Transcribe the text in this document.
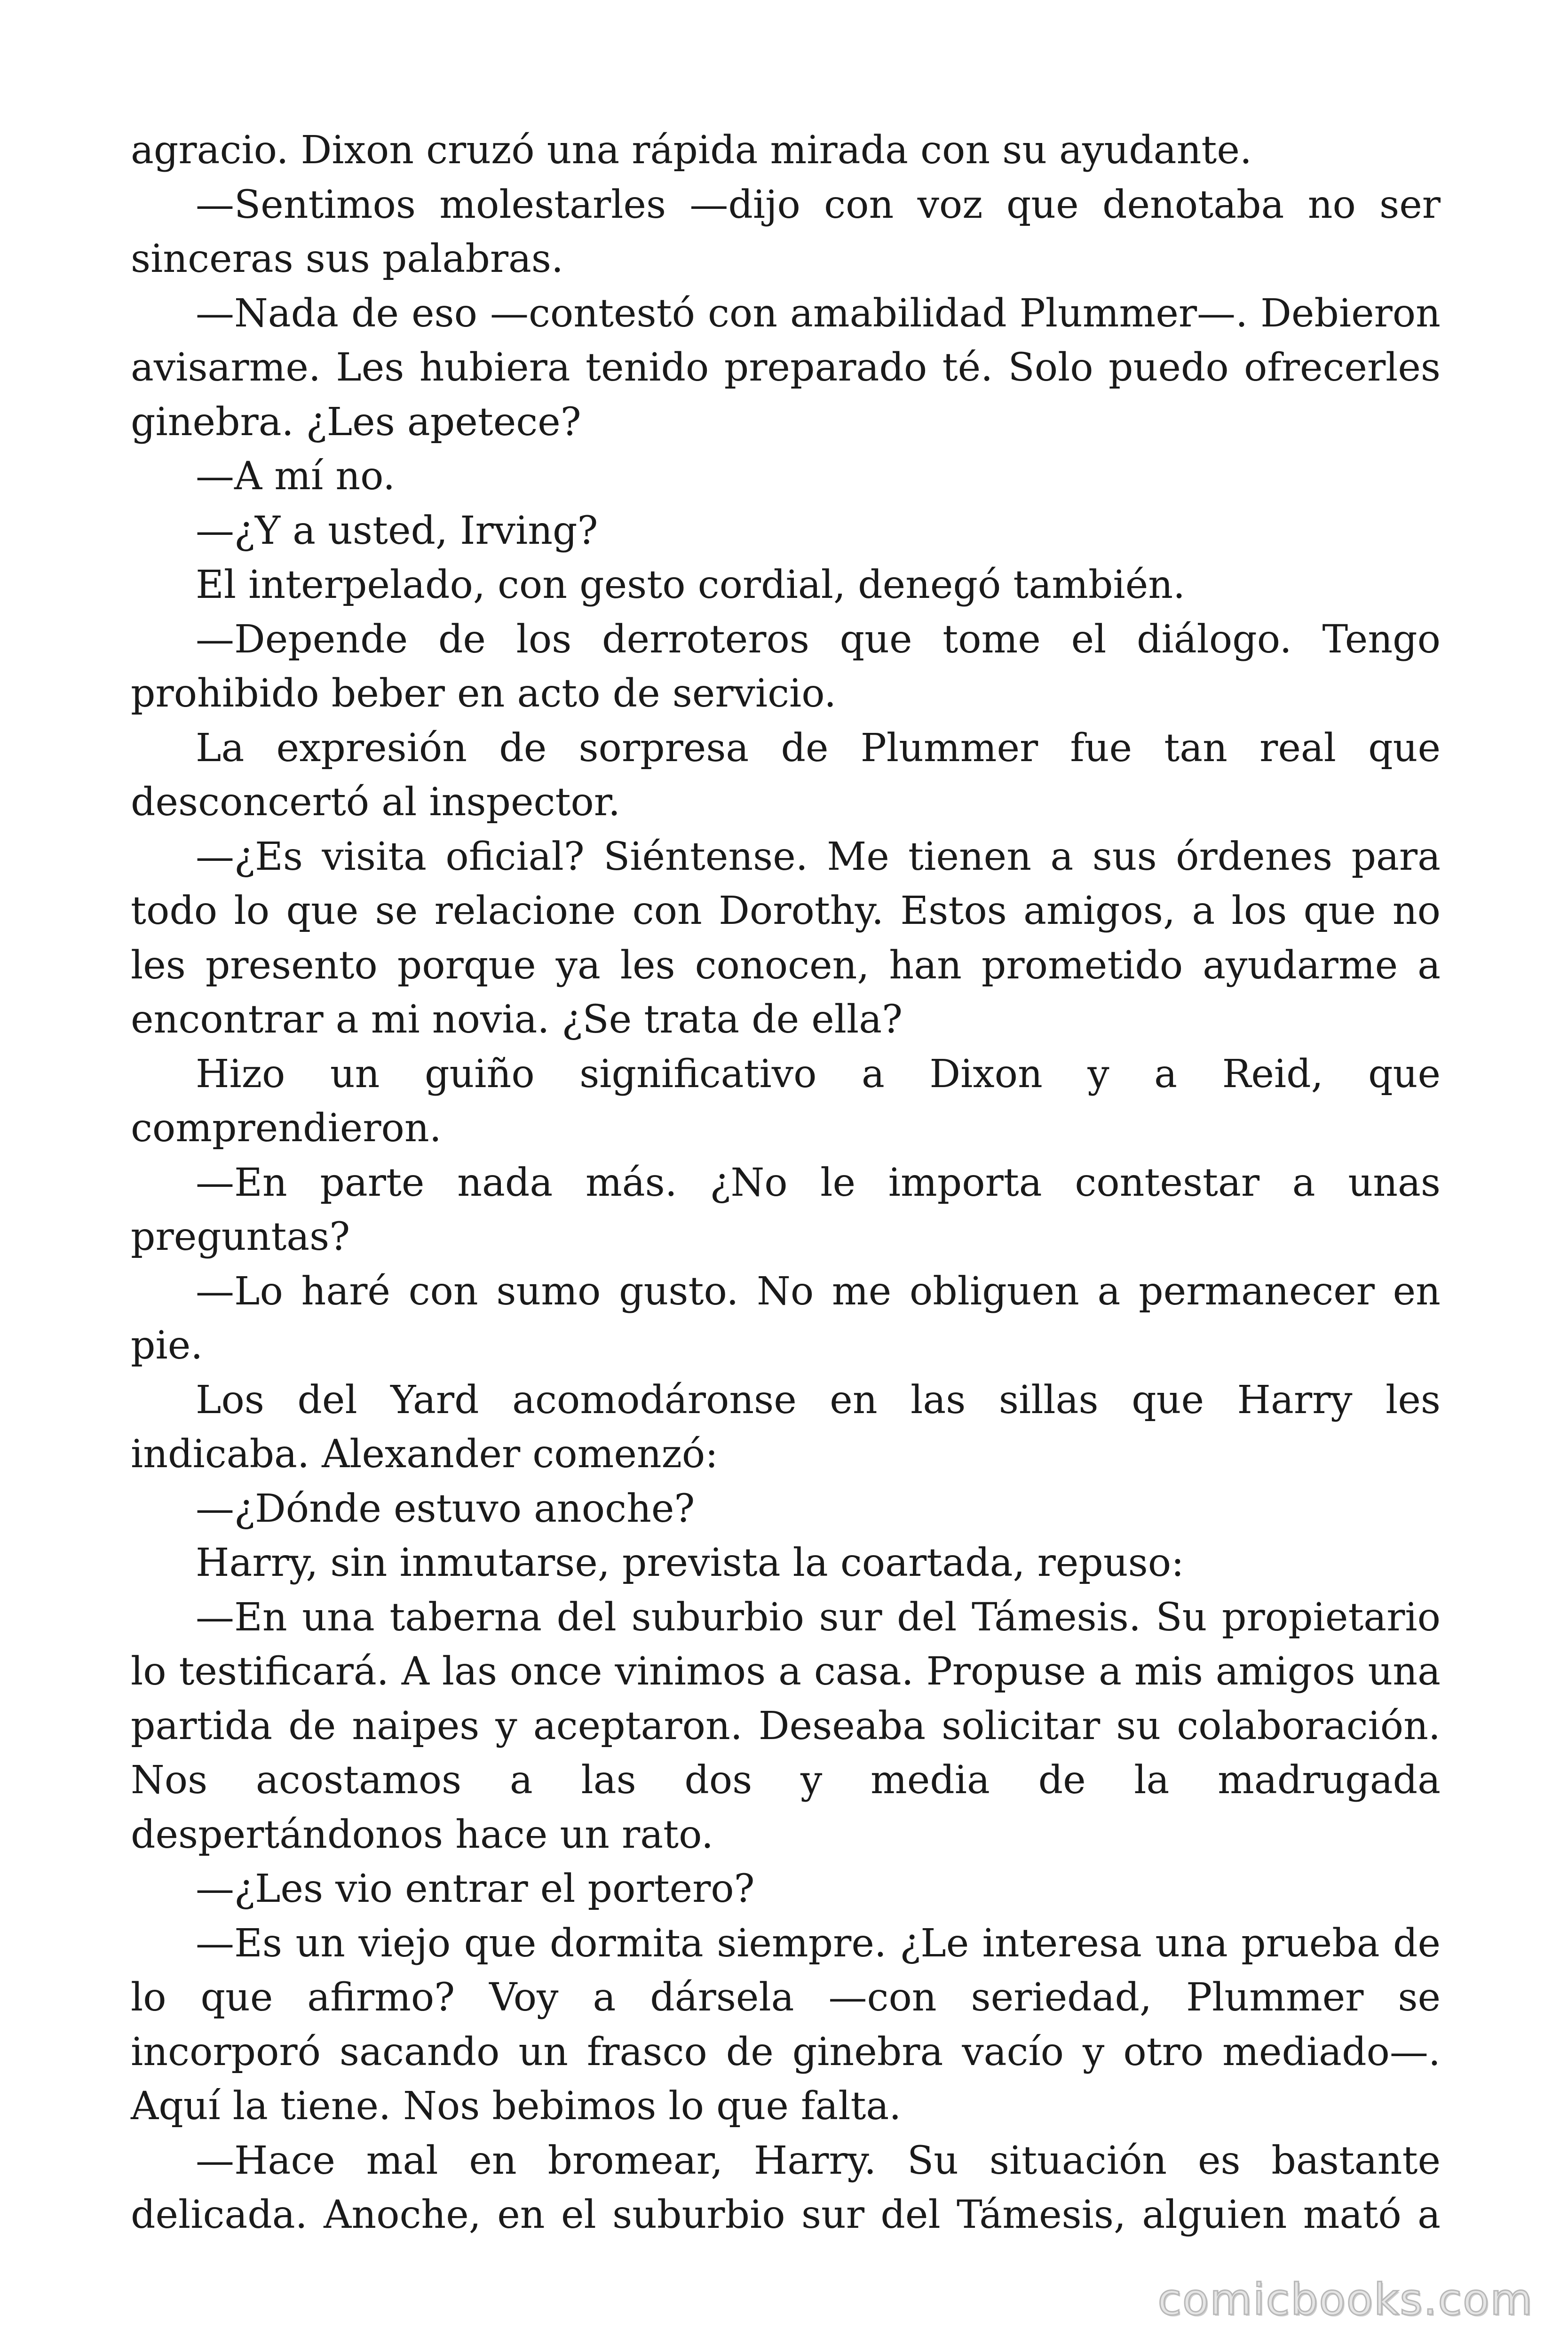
agracio. Dixon cruzó una rápida mirada con su ayudante.

—Sentimos molestarles —dijo con voz que denotaba no ser sinceras sus palabras.

—Nada de eso —contestó con amabilidad Plummer—. Debieron avisarme. Les hubiera tenido preparado té. Solo puedo ofrecerles ginebra. ¿Les apetece?

—A mí no.

—¿Y a usted, Irving?

El interpelado, con gesto cordial, denegó también.

—Depende de los derroteros que tome el diálogo. Tengo prohibido beber en acto de servicio.

La expresión de sorpresa de Plummer fue tan real que desconcertó al inspector.

—¿Es visita oficial? Siéntense. Me tienen a sus órdenes para todo lo que se relacione con Dorothy. Estos amigos, a los que no les presento porque ya les conocen, han prometido ayudarme a encontrar a mi novia. ¿Se trata de ella?

Hizo un guiño significativo a Dixon y a Reid, que comprendieron.

—En parte nada más. ¿No le importa contestar a unas preguntas?

—Lo haré con sumo gusto. No me obliguen a permanecer en pie.

Los del Yard acomodáronse en las sillas que Harry les indicaba. Alexander comenzó:

—¿Dónde estuvo anoche?

Harry, sin inmutarse, prevista la coartada, repuso:

—En una taberna del suburbio sur del Támesis. Su propietario lo testificará. A las once vinimos a casa. Propuse a mis amigos una partida de naipes y aceptaron. Deseaba solicitar su colaboración. Nos acostamos a las dos y media de la madrugada despertándonos hace un rato.

—¿Les vio entrar el portero?

—Es un viejo que dormita siempre. ¿Le interesa una prueba de lo que afirmo? Voy a dársela —con seriedad, Plummer se incorporó sacando un frasco de ginebra vacío y otro mediado—. Aquí la tiene. Nos bebimos lo que falta.

—Hace mal en bromear, Harry. Su situación es bastante delicada. Anoche, en el suburbio sur del Támesis, alguien mató a

comicbooks.com
